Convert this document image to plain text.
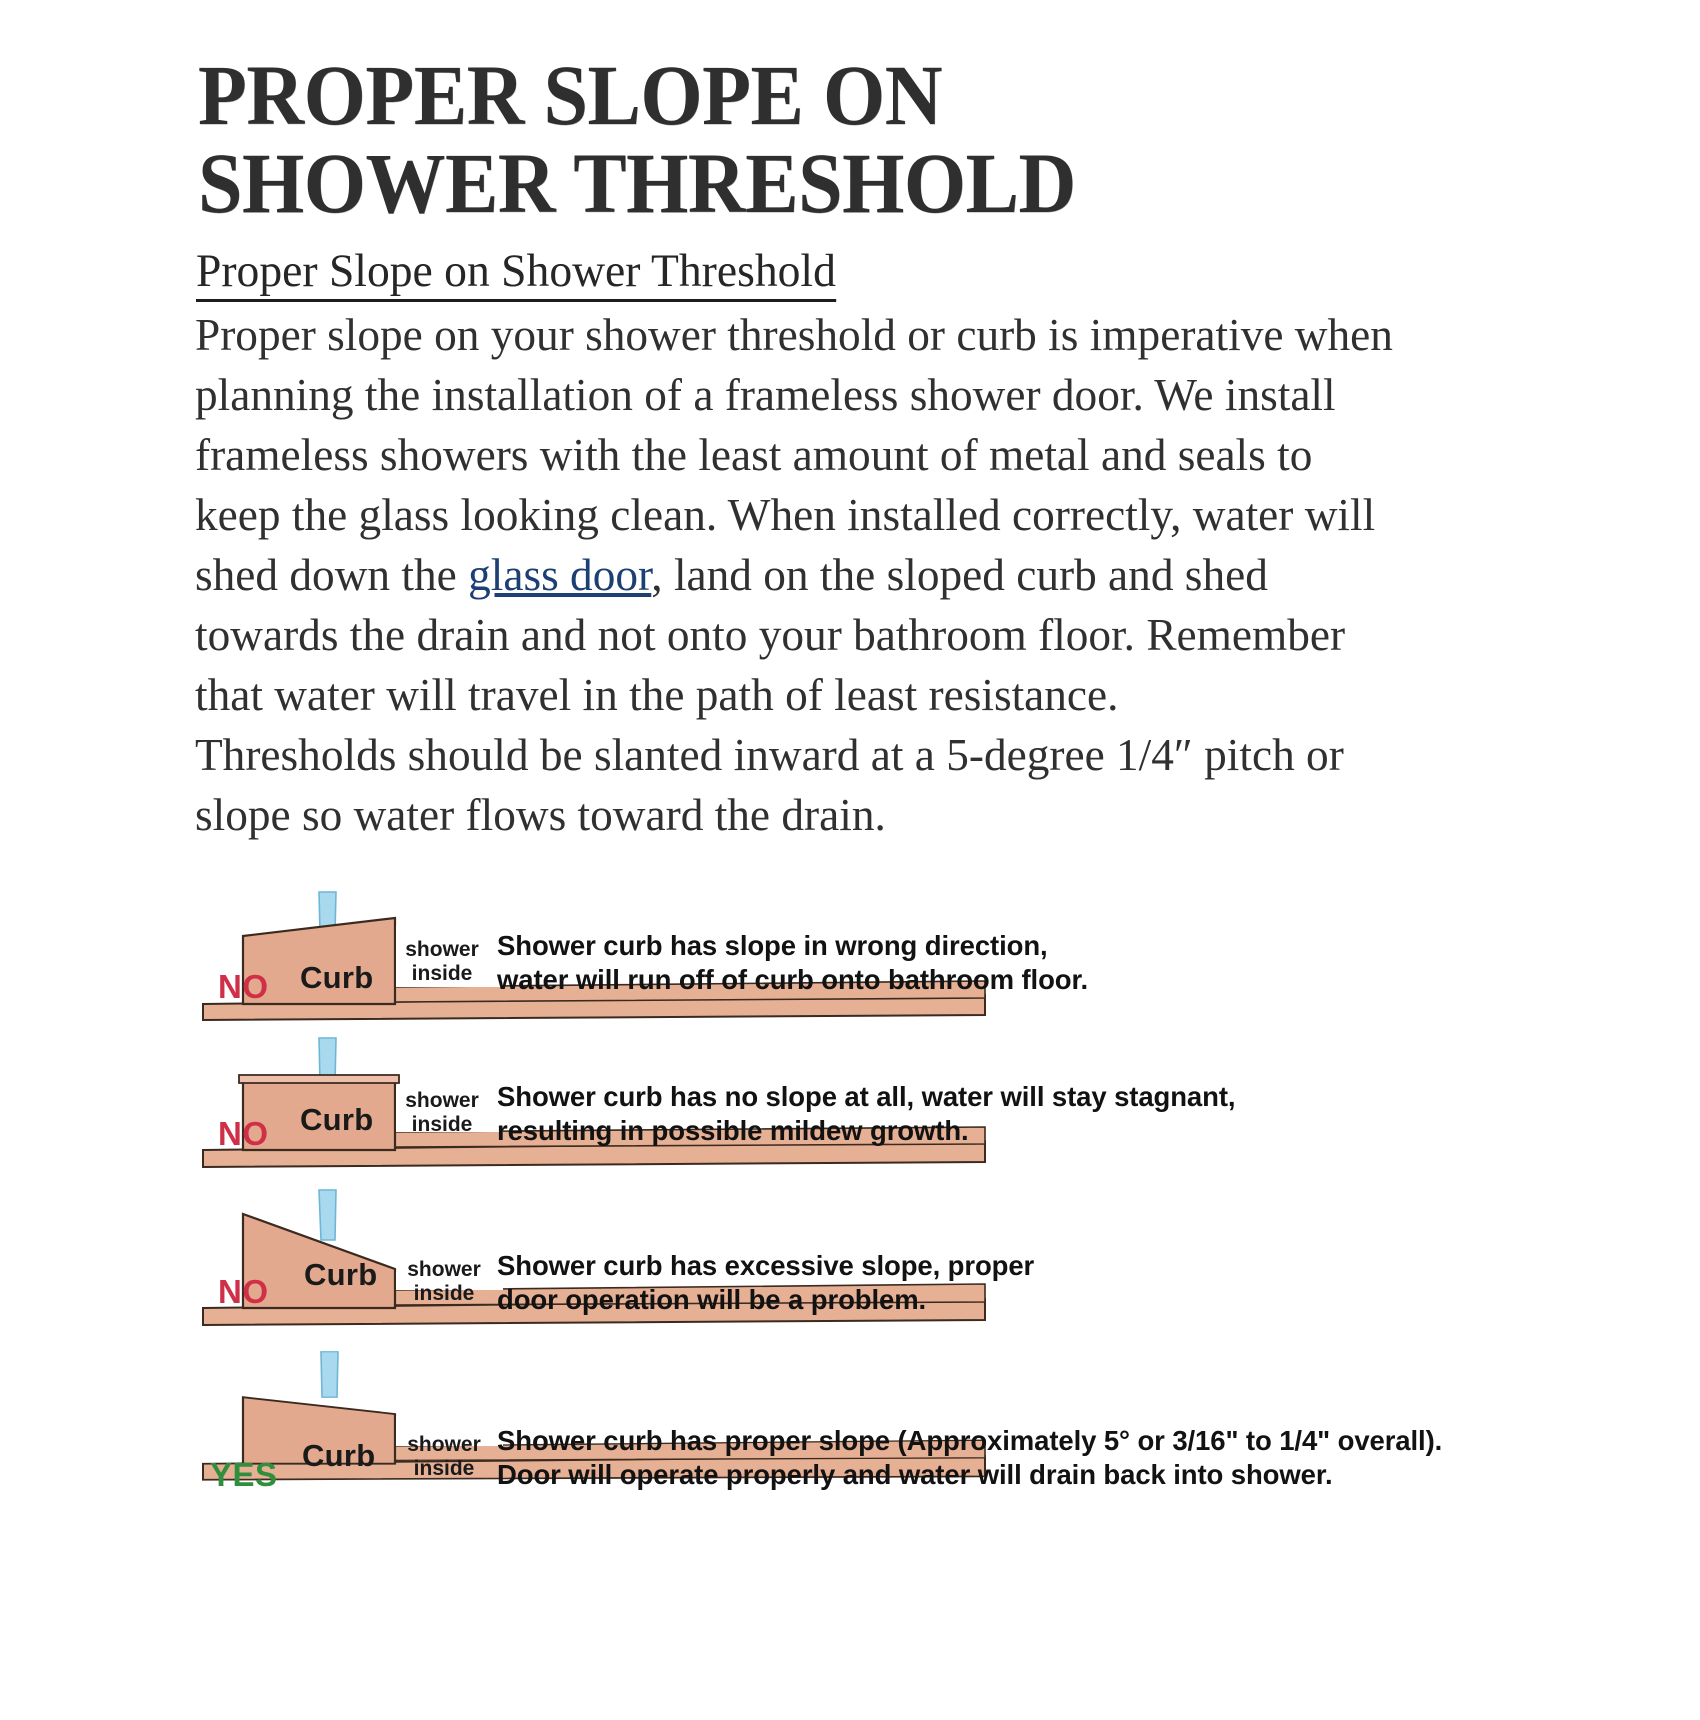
PROPER SLOPE ON
SHOWER THRESHOLD
Proper Slope on Shower Threshold

Proper slope on your shower threshold or curb is imperative when planning the installation of a frameless shower door. We install frameless showers with the least amount of metal and seals to keep the glass looking clean. When installed correctly, water will shed down the glass door, land on the sloped curb and shed towards the drain and not onto your bathroom floor. Remember that water will travel in the path of least resistance.

Thresholds should be slanted inward at a 5-degree 1/4″ pitch or slope so water flows toward the drain.

NO Curb
shower
inside
Shower curb has slope in wrong direction,
water will run off of curb onto bathroom floor.
NO Curb
shower
inside
Shower curb has no slope at all, water will stay stagnant,
resulting in possible mildew growth.
NO Curb	shower
inside
Shower curb has excessive slope, proper
door operation will be a problem.
YES
Curb	shower
inside
Shower curb has proper slope (Approximately 5° or 3/16" to 1/4" overall).
Door will operate properly and water will drain back into shower.
